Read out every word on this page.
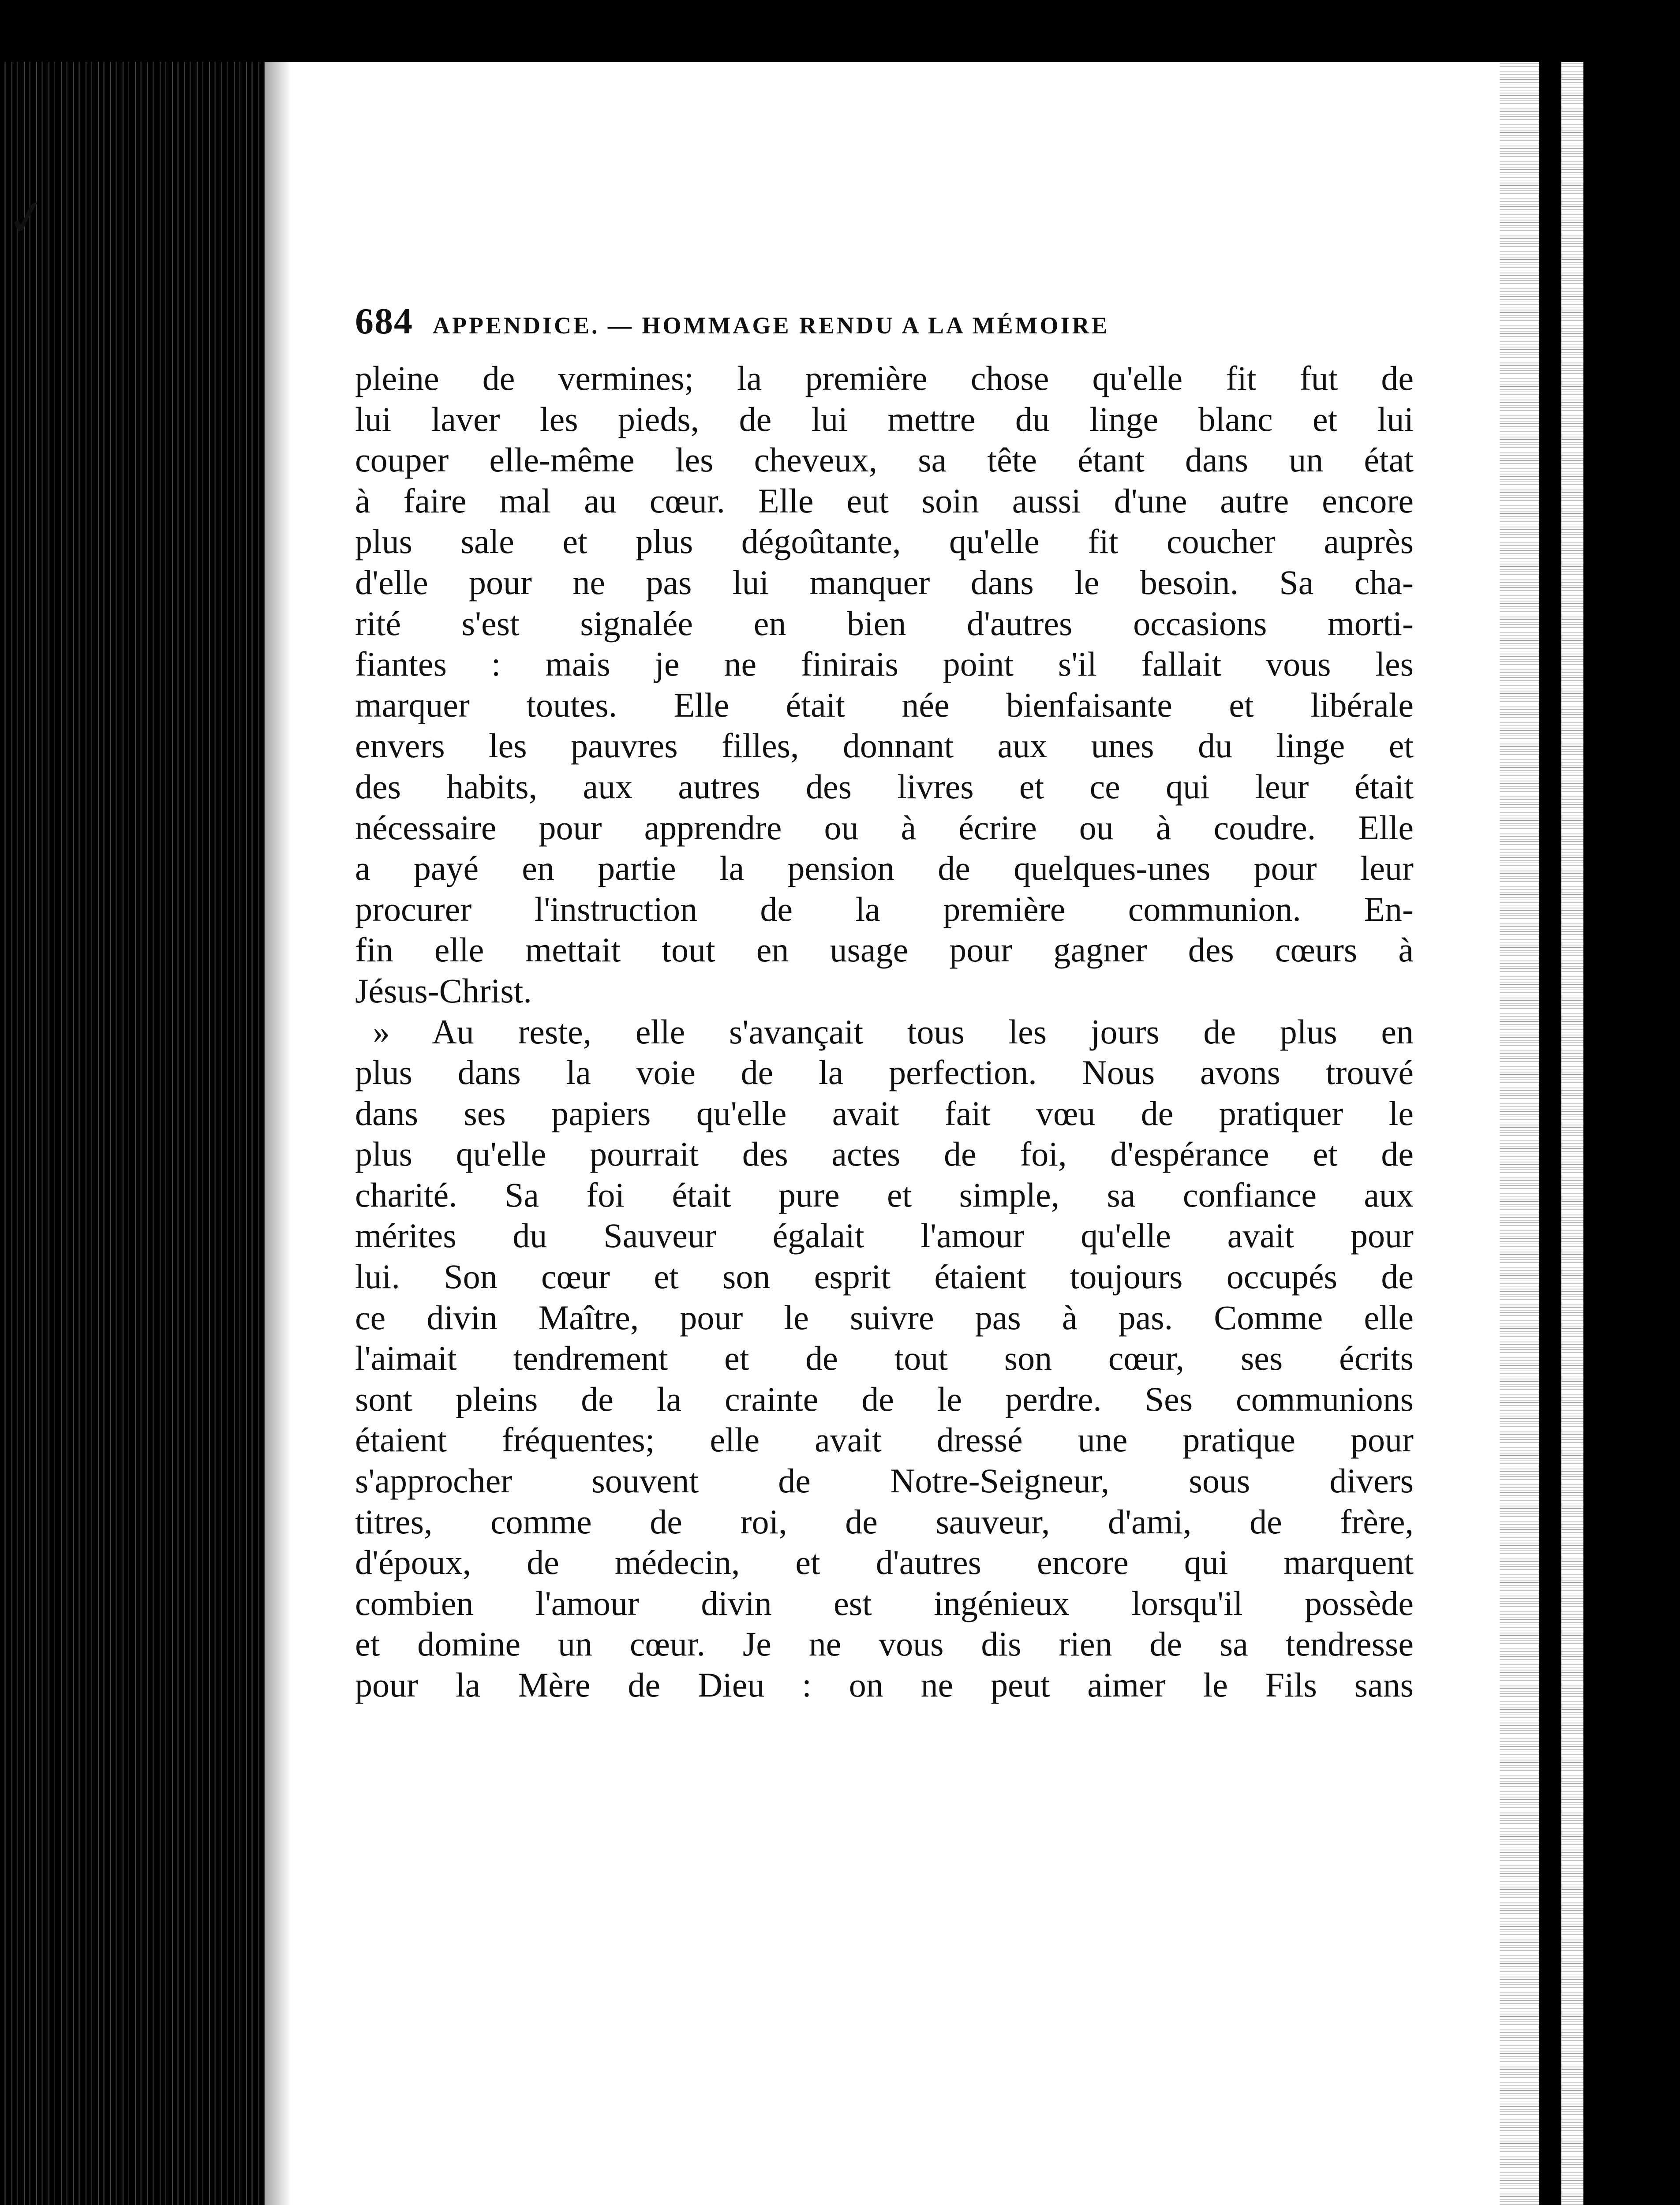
✓
684 APPENDICE. — HOMMAGE RENDU A LA MÉMOIRE
pleine de vermines; la première chose qu'elle fit fut de
lui laver les pieds, de lui mettre du linge blanc et lui
couper elle-même les cheveux, sa tête étant dans un état
à faire mal au cœur. Elle eut soin aussi d'une autre encore
plus sale et plus dégoûtante, qu'elle fit coucher auprès
d'elle pour ne pas lui manquer dans le besoin. Sa cha-
rité s'est signalée en bien d'autres occasions morti-
fiantes : mais je ne finirais point s'il fallait vous les
marquer toutes. Elle était née bienfaisante et libérale
envers les pauvres filles, donnant aux unes du linge et
des habits, aux autres des livres et ce qui leur était
nécessaire pour apprendre ou à écrire ou à coudre. Elle
a payé en partie la pension de quelques-unes pour leur
procurer l'instruction de la première communion. En-
fin elle mettait tout en usage pour gagner des cœurs à
Jésus-Christ.
» Au reste, elle s'avançait tous les jours de plus en
plus dans la voie de la perfection. Nous avons trouvé
dans ses papiers qu'elle avait fait vœu de pratiquer le
plus qu'elle pourrait des actes de foi, d'espérance et de
charité. Sa foi était pure et simple, sa confiance aux
mérites du Sauveur égalait l'amour qu'elle avait pour
lui. Son cœur et son esprit étaient toujours occupés de
ce divin Maître, pour le suivre pas à pas. Comme elle
l'aimait tendrement et de tout son cœur, ses écrits
sont pleins de la crainte de le perdre. Ses communions
étaient fréquentes; elle avait dressé une pratique pour
s'approcher souvent de Notre-Seigneur, sous divers
titres, comme de roi, de sauveur, d'ami, de frère,
d'époux, de médecin, et d'autres encore qui marquent
combien l'amour divin est ingénieux lorsqu'il possède
et domine un cœur. Je ne vous dis rien de sa tendresse
pour la Mère de Dieu : on ne peut aimer le Fils sans
